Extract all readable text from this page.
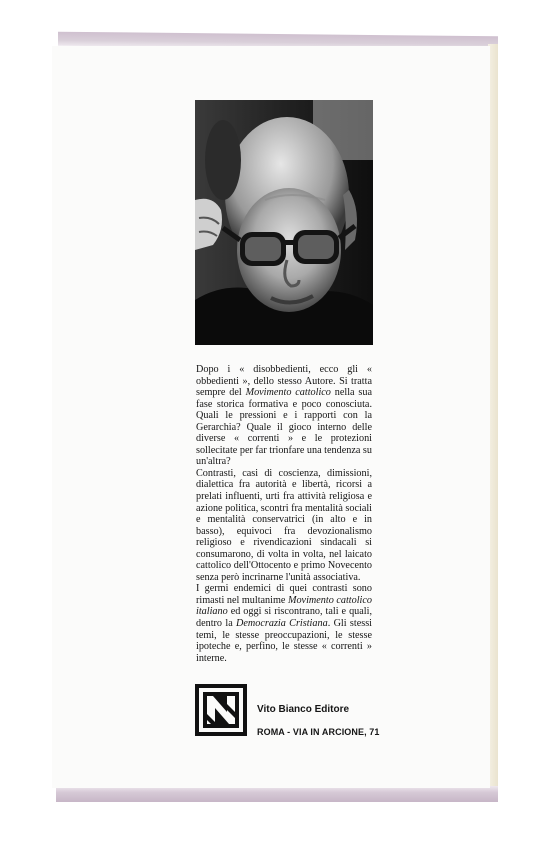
Dopo i « disobbedienti, ecco gli « obbedienti », dello stesso Autore. Si tratta sempre del Movimento cattolico nella sua fase storica formativa e poco conosciuta. Quali le pressioni e i rapporti con la Gerarchia? Quale il gioco interno delle diverse « correnti » e le protezioni sollecitate per far trionfare una tendenza su un'altra?

Contrasti, casi di coscienza, dimissioni, dialettica fra autorità e libertà, ricorsi a prelati influenti, urti fra attività religiosa e azione politica, scontri fra mentalità sociali e mentalità conservatrici (in alto e in basso), equivoci fra devozionalismo religioso e rivendicazioni sindacali si consumarono, di volta in volta, nel laicato cattolico dell'Ottocento e primo Novecento senza però incrinarne l'unità associativa.

I germi endemici di quei contrasti sono rimasti nel multanime Movimento cattolico italiano ed oggi si riscontrano, tali e quali, dentro la Democrazia Cristiana. Gli stessi temi, le stesse preoccupazioni, le stesse ipoteche e, perfino, le stesse « correnti » interne.

Vito Bianco Editore
ROMA - VIA IN ARCIONE, 71
